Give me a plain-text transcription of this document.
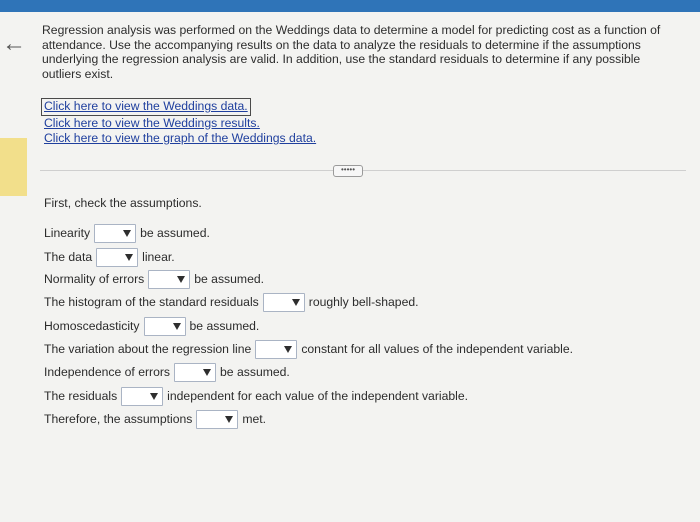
← Regression analysis was performed on the Weddings data to determine a model for predicting cost as a function of attendance. Use the accompanying results on the data to analyze the residuals to determine if the assumptions underlying the regression analysis are valid. In addition, use the standard residuals to determine if any possible outliers exist.
Click here to view the Weddings data.
Click here to view the Weddings results.
Click here to view the graph of the Weddings data.
•••••
First, check the assumptions.
Linearity	be assumed.
The data	linear.
Normality of errors	be assumed.
The histogram of the standard residuals	roughly bell-shaped.
Homoscedasticity	be assumed.
The variation about the regression line	constant for all values of the independent variable.
Independence of errors	be assumed.
The residuals	independent for each value of the independent variable.
Therefore, the assumptions	met.
